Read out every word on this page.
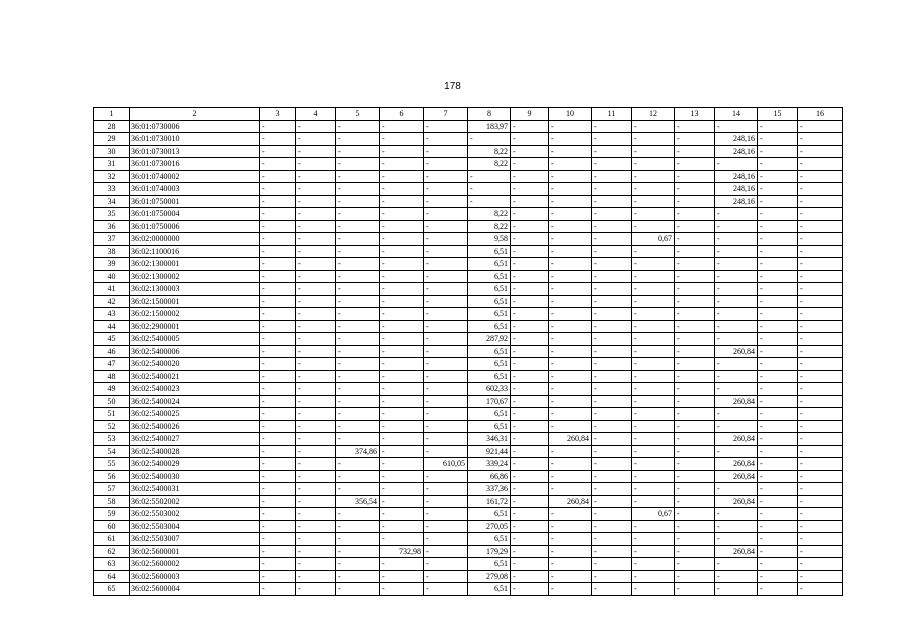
178
1	2	3	4	5	6	7	8	9	10	11	12	13	14	15	16
28	36:01:0730006	-	-	-	-	-	183,97	-	-	-	-	-	-	-	-
29	36:01:0730010	-	-	-	-	-	-	-	-	-	-	-	248,16	-	-
30	36:01:0730013	-	-	-	-	-	8,22	-	-	-	-	-	248,16	-	-
31	36:01:0730016	-	-	-	-	-	8,22	-	-	-	-	-	-	-	-
32	36:01:0740002	-	-	-	-	-	-	-	-	-	-	-	248,16	-	-
33	36:01:0740003	-	-	-	-	-	-	-	-	-	-	-	248,16	-	-
34	36:01:0750001	-	-	-	-	-	-	-	-	-	-	-	248,16	-	-
35	36:01:0750004	-	-	-	-	-	8,22	-	-	-	-	-	-	-	-
36	36:01:0750006	-	-	-	-	-	8,22	-	-	-	-	-	-	-	-
37	36:02:0000000	-	-	-	-	-	9,58	-	-	-	0,67	-	-	-	-
38	36:02:1100016	-	-	-	-	-	6,51	-	-	-	-	-	-	-	-
39	36:02:1300001	-	-	-	-	-	6,51	-	-	-	-	-	-	-	-
40	36:02:1300002	-	-	-	-	-	6,51	-	-	-	-	-	-	-	-
41	36:02:1300003	-	-	-	-	-	6,51	-	-	-	-	-	-	-	-
42	36:02:1500001	-	-	-	-	-	6,51	-	-	-	-	-	-	-	-
43	36:02:1500002	-	-	-	-	-	6,51	-	-	-	-	-	-	-	-
44	36:02:2900001	-	-	-	-	-	6,51	-	-	-	-	-	-	-	-
45	36:02:5400005	-	-	-	-	-	287,92	-	-	-	-	-	-	-	-
46	36:02:5400006	-	-	-	-	-	6,51	-	-	-	-	-	260,84	-	-
47	36:02:5400020	-	-	-	-	-	6,51	-	-	-	-	-	-	-	-
48	36:02:5400021	-	-	-	-	-	6,51	-	-	-	-	-	-	-	-
49	36:02:5400023	-	-	-	-	-	602,33	-	-	-	-	-	-	-	-
50	36:02:5400024	-	-	-	-	-	170,67	-	-	-	-	-	260,84	-	-
51	36:02:5400025	-	-	-	-	-	6,51	-	-	-	-	-	-	-	-
52	36:02:5400026	-	-	-	-	-	6,51	-	-	-	-	-	-	-	-
53	36:02:5400027	-	-	-	-	-	346,31	-	260,84	-	-	-	260,84	-	-
54	36:02:5400028	-	-	374,86	-	-	921,44	-	-	-	-	-	-	-	-
55	36:02:5400029	-	-	-	-	610,05	339,24	-	-	-	-	-	260,84	-	-
56	36:02:5400030	-	-	-	-	-	66,86	-	-	-	-	-	260,84	-	-
57	36:02:5400031	-	-	-	-	-	337,36	-	-	-	-	-	-	-	-
58	36:02:5502002	-	-	356,54	-	-	161,72	-	260,84	-	-	-	260,84	-	-
59	36:02:5503002	-	-	-	-	-	6,51	-	-	-	0,67	-	-	-	-
60	36:02:5503004	-	-	-	-	-	270,05	-	-	-	-	-	-	-	-
61	36:02:5503007	-	-	-	-	-	6,51	-	-	-	-	-	-	-	-
62	36:02:5600001	-	-	-	732,98	-	179,29	-	-	-	-	-	260,84	-	-
63	36:02:5600002	-	-	-	-	-	6,51	-	-	-	-	-	-	-	-
64	36:02:5600003	-	-	-	-	-	279,08	-	-	-	-	-	-	-	-
65	36:02:5600004	-	-	-	-	-	6,51	-	-	-	-	-	-	-	-
